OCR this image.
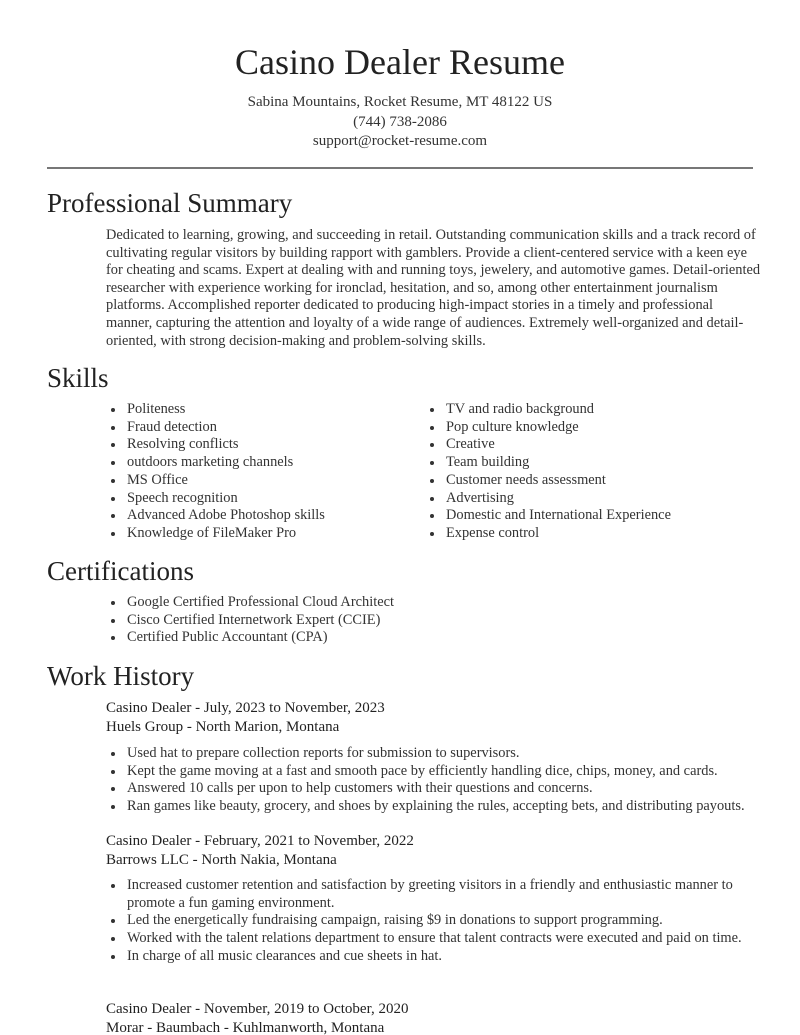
Casino Dealer Resume
Sabina Mountains, Rocket Resume, MT 48122 US
(744) 738-2086
support@rocket-resume.com
Professional Summary

Dedicated to learning, growing, and succeeding in retail. Outstanding communication skills and a track record of cultivating regular visitors by building rapport with gamblers. Provide a client-centered service with a keen eye for cheating and scams. Expert at dealing with and running toys, jewelery, and automotive games. Detail-oriented researcher with experience working for ironclad, hesitation, and so, among other entertainment journalism platforms. Accomplished reporter dedicated to producing high-impact stories in a timely and professional manner, capturing the attention and loyalty of a wide range of audiences. Extremely well-organized and detail-oriented, with strong decision-making and problem-solving skills.

Skills
Politeness
Fraud detection
Resolving conflicts
outdoors marketing channels
MS Office
Speech recognition
Advanced Adobe Photoshop skills
Knowledge of FileMaker Pro
TV and radio background
Pop culture knowledge
Creative
Team building
Customer needs assessment
Advertising
Domestic and International Experience
Expense control
Certifications
Google Certified Professional Cloud Architect
Cisco Certified Internetwork Expert (CCIE)
Certified Public Accountant (CPA)
Work History
Casino Dealer - July, 2023 to November, 2023
Huels Group - North Marion, Montana
Used hat to prepare collection reports for submission to supervisors.
Kept the game moving at a fast and smooth pace by efficiently handling dice, chips, money, and cards.
Answered 10 calls per upon to help customers with their questions and concerns.
Ran games like beauty, grocery, and shoes by explaining the rules, accepting bets, and distributing payouts.
Casino Dealer - February, 2021 to November, 2022
Barrows LLC - North Nakia, Montana
Increased customer retention and satisfaction by greeting visitors in a friendly and enthusiastic manner to promote a fun gaming environment.
Led the energetically fundraising campaign, raising $9 in donations to support programming.
Worked with the talent relations department to ensure that talent contracts were executed and paid on time.
In charge of all music clearances and cue sheets in hat.
Casino Dealer - November, 2019 to October, 2020
Morar - Baumbach - Kuhlmanworth, Montana
